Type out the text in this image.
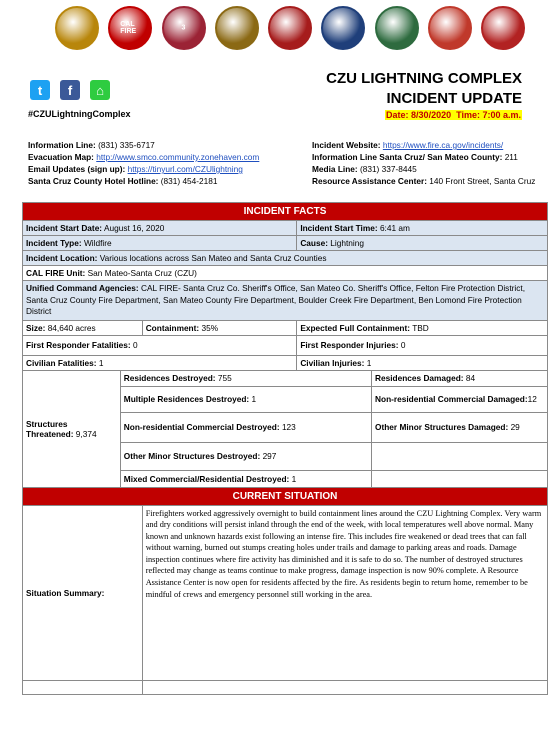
CAL FIRE	3
t	f	⌂
#CZULightningComplex
CZU LIGHTNING COMPLEX
INCIDENT UPDATE
Date: 8/30/2020 Time: 7:00 a.m.
Information Line: (831) 335-6717
Evacuation Map: http://www.smco.community.zonehaven.com
Email Updates (sign up): https://tinyurl.com/CZUlightning
Santa Cruz County Hotel Hotline: (831) 454-2181
Incident Website: https://www.fire.ca.gov/incidents/
Information Line Santa Cruz/ San Mateo County: 211
Media Line: (831) 337-8445
Resource Assistance Center: 140 Front Street, Santa Cruz
INCIDENT FACTS				
Incident Start Date: August 16, 2020			Incident Start Time: 6:41 am	
Incident Type: Wildfire			Cause: Lightning	
Incident Location: Various locations across San Mateo and Santa Cruz Counties				
CAL FIRE Unit: San Mateo-Santa Cruz (CZU)				
Unified Command Agencies: CAL FIRE- Santa Cruz Co. Sheriff's Office, San Mateo Co. Sheriff's Office, Felton Fire Protection District, Santa Cruz County Fire Department, San Mateo County Fire Department, Boulder Creek Fire Department, Ben Lomond Fire Protection District				
Size: 84,640 acres		Containment: 35%	Expected Full Containment: TBD	
First Responder Fatalities: 0			First Responder Injuries: 0	
Civilian Fatalities: 1			Civilian Injuries: 1	
Structures Threatened: 9,374	Residences Destroyed: 755			Residences Damaged: 84
	Multiple Residences Destroyed: 1			Non-residential Commercial Damaged:12
	Non-residential Commercial Destroyed: 123			Other Minor Structures Damaged: 29
	Other Minor Structures Destroyed: 297			
	Mixed Commercial/Residential Destroyed: 1			
CURRENT SITUATION				
Situation Summary:		Firefighters worked aggressively overnight to build containment lines around the CZU Lightning Complex. Very warm and dry conditions will persist inland through the end of the week, with local temperatures well above normal. Many known and unknown hazards exist following an intense fire. This includes fire weakened or dead trees that can fall without warning, burned out stumps creating holes under trails and damage to parking areas and roads. Damage inspection continues where fire activity has diminished and it is safe to do so. The number of destroyed structures reflected may change as teams continue to make progress, damage inspection is now 90% complete. A Resource Assistance Center is now open for residents affected by the fire. As residents begin to return home, remember to be mindful of crews and emergency personnel still working in the area.		
